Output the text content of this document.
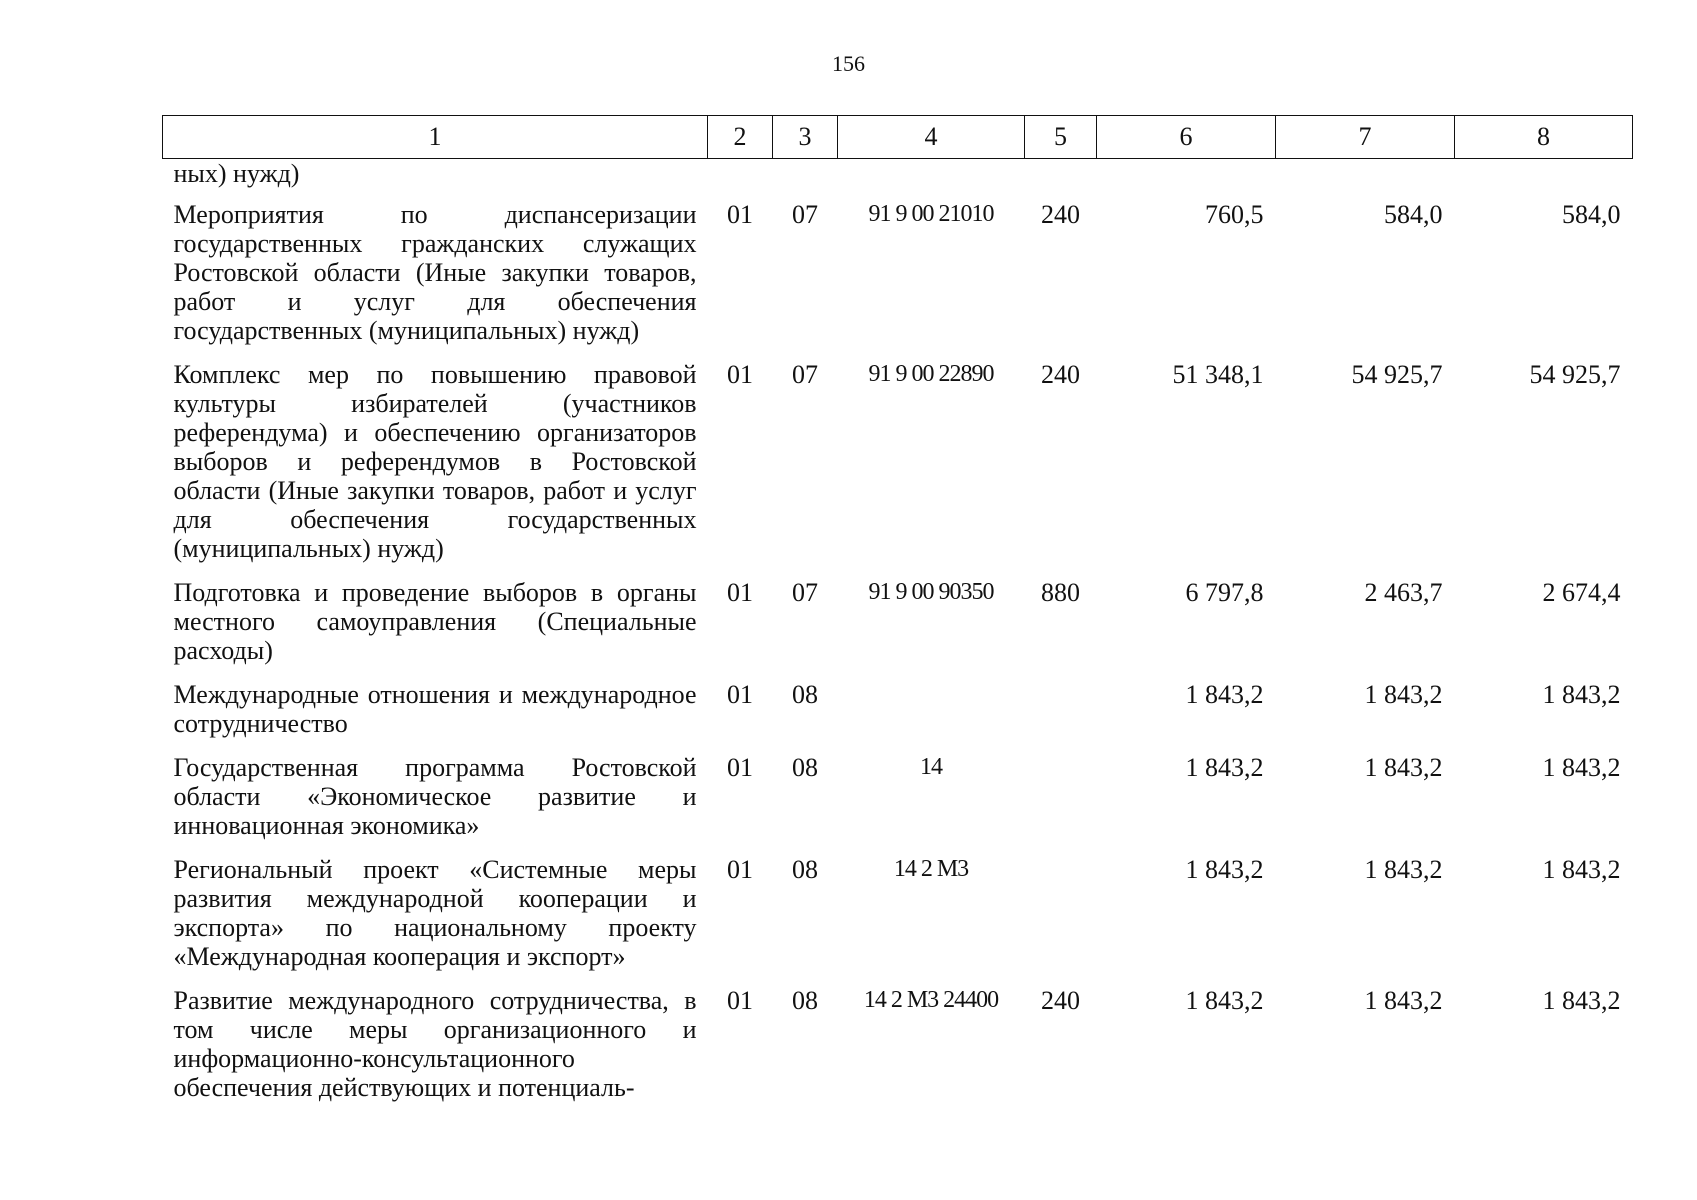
156
1	2	3	4	5	6	7	8
ных) нужд)							
Мероприятия по диспансеризации государственных гражданских служащих Ростовской области (Иные закупки товаров, работ и услуг для обеспечения государственных (муниципальных) нужд)	01	07	91 9 00 21010	240	760,5	584,0	584,0
Комплекс мер по повышению правовой культуры избирателей (участников референдума) и обеспечению организаторов выборов и референдумов в Ростовской области (Иные закупки товаров, работ и услуг для обеспечения государственных (муниципальных) нужд)	01	07	91 9 00 22890	240	51 348,1	54 925,7	54 925,7
Подготовка и проведение выборов в органы местного самоуправления (Специальные расходы)	01	07	91 9 00 90350	880	6 797,8	2 463,7	2 674,4
Международные отношения и международное сотрудничество	01	08			1 843,2	1 843,2	1 843,2
Государственная программа Ростовской области «Экономическое развитие и инновационная экономика»	01	08	14		1 843,2	1 843,2	1 843,2
Региональный проект «Системные меры развития международной кооперации и экспорта» по национальному проекту «Международная кооперация и экспорт»	01	08	14 2 M3		1 843,2	1 843,2	1 843,2
Развитие международного сотрудничества, в том числе меры организационного и информационно-консультационного обеспечения действующих и потенциаль-	01	08	14 2 M3 24400	240	1 843,2	1 843,2	1 843,2
